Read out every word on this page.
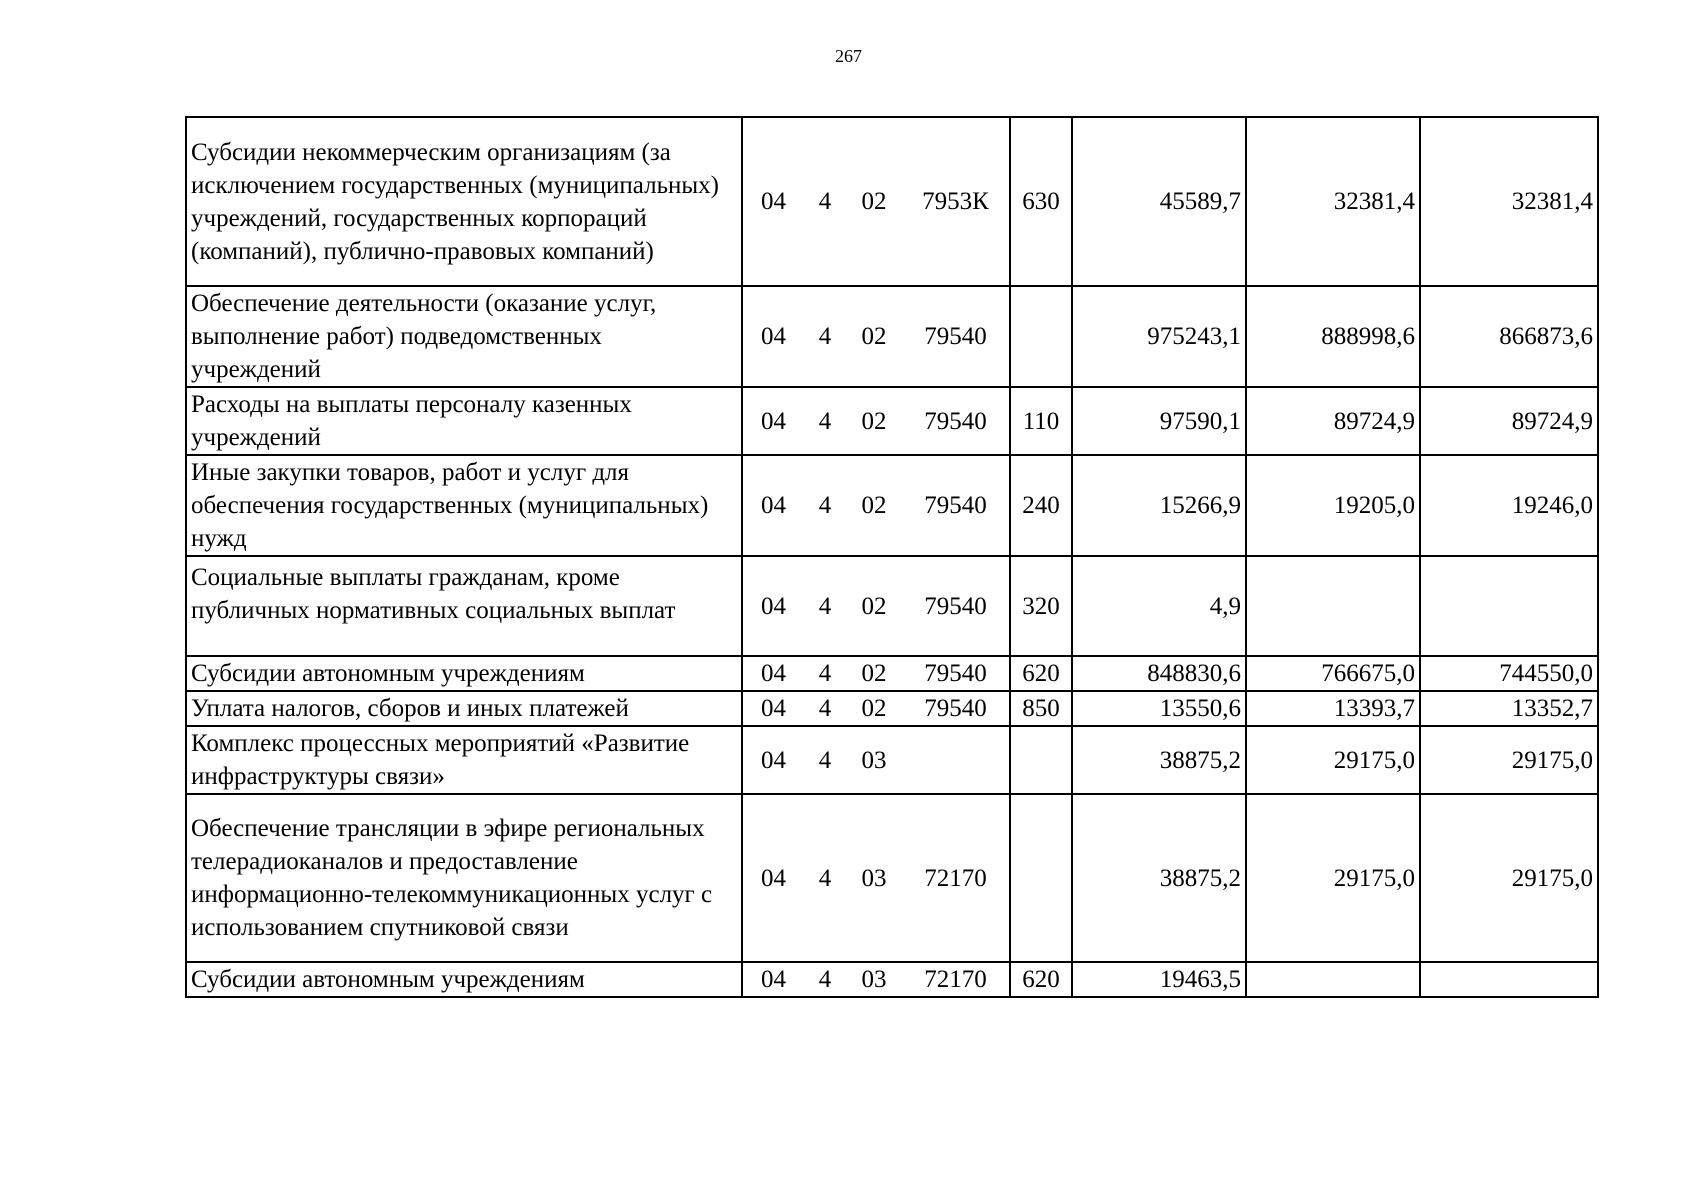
267
Субсидии некоммерческим организациям (за исключением государственных (муниципальных) учреждений, государственных корпораций (компаний), публично-правовых компаний)	04	4	02	7953К	630	45589,7	32381,4	32381,4
Обеспечение деятельности (оказание услуг, выполнение работ) подведомственных учреждений	04	4	02	79540		975243,1	888998,6	866873,6
Расходы на выплаты персоналу казенных учреждений	04	4	02	79540	110	97590,1	89724,9	89724,9
Иные закупки товаров, работ и услуг для обеспечения государственных (муниципальных) нужд	04	4	02	79540	240	15266,9	19205,0	19246,0
Социальные выплаты гражданам, кроме публичных нормативных социальных выплат	04	4	02	79540	320	4,9		
Субсидии автономным учреждениям	04	4	02	79540	620	848830,6	766675,0	744550,0
Уплата налогов, сборов и иных платежей	04	4	02	79540	850	13550,6	13393,7	13352,7
Комплекс процессных мероприятий «Развитие инфраструктуры связи»	04	4	03			38875,2	29175,0	29175,0
Обеспечение трансляции в эфире региональных телерадиоканалов и предоставление информационно-телекоммуникационных услуг с использованием спутниковой связи	04	4	03	72170		38875,2	29175,0	29175,0
Субсидии автономным учреждениям	04	4	03	72170	620	19463,5		
